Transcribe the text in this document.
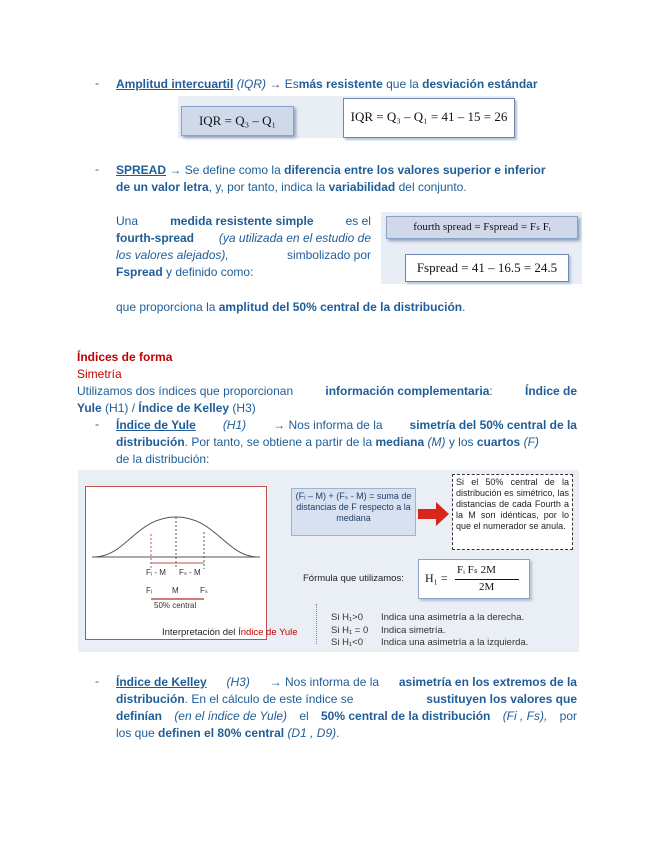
-	Amplitud intercuartil (IQR) → Esmás resistente que la desviación estándar
IQR = Q₃ – Q₁	IQR = Q₃ – Q₁ = 41 – 15 = 26
-	SPREAD → Se define como la diferencia entre los valores superior e inferior
de un valor letra, y, por tanto, indica la variabilidad del conjunto.
Una	medida resistente simple	es el
fourth-spread (ya utilizada en el estudio de
los valores alejados),	simbolizado por
Fspread y definido como:
fourth spread = Fspread = Fₛ Fᵢ
Fspread = 41 – 16.5 = 24.5
que proporciona la amplitud del 50% central de la distribución.
Índices de forma
Simetría
Utilizamos dos índices que proporcionan	información complementaria:	Índice de
Yule (H1) / Índice de Kelley (H3)
-	Índice de Yule (H1) → Nos informa de la simetría del 50% central de la
distribución. Por tanto, se obtiene a partir de la mediana (M) y los cuartos (F)
de la distribución:
Fᵢ - M Fₛ - M
Fᵢ M	Fₛ
50% central
(Fᵢ – M) + (Fₛ - M) = suma de distancias de F respecto a la mediana
Si el 50% central de la distribución es simétrico, las distancias de cada Fourth a la M son idénticas, por lo que el numerador se anula.
Fórmula que utilizamos: H₁ =
Fᵢ Fₛ 2M
2M
Interpretación del Índice de Yule
Si H₁>0 Indica una asimetría a la derecha.
Si H₁ = 0 Indica simetría.
Si H₁<0 Indica una asimetría a la izquierda.
-	Índice de Kelley (H3) → Nos informa de la asimetría en los extremos de la
distribución. En el cálculo de este índice se	sustituyen los valores que
definían (en el índice de Yule) el 50% central de la distribución (Fi , Fs), por
los que definen el 80% central (D1 , D9).
